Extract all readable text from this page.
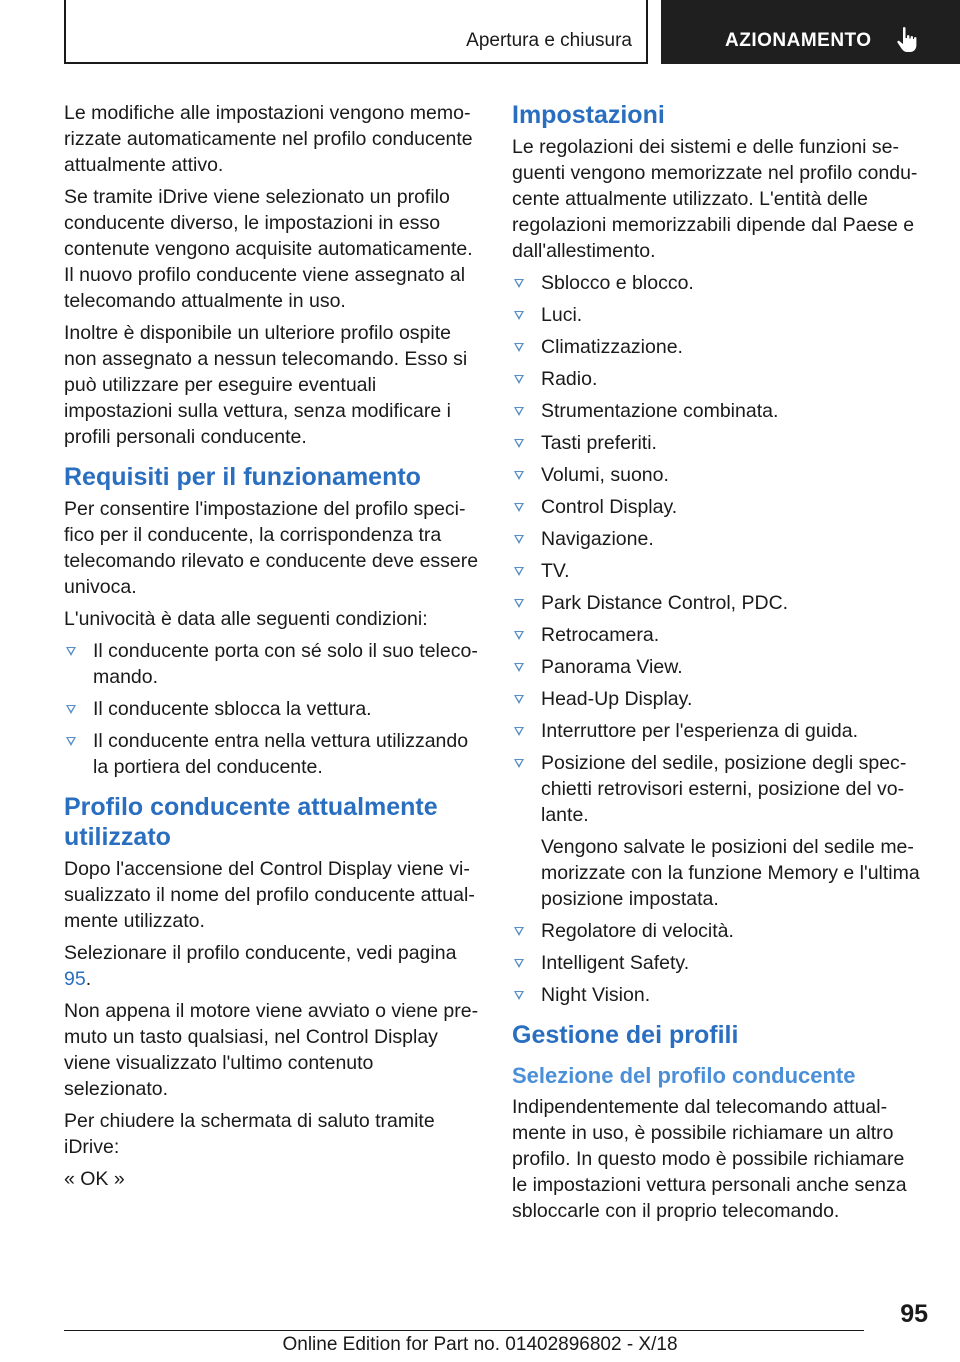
Apertura e chiusura	AZIONAMENTO

Le modifiche alle impostazioni vengono memorizzate automaticamente nel profilo conducente attualmente attivo.

Se tramite iDrive viene selezionato un profilo conducente diverso, le impostazioni in esso contenute vengono acquisite automaticamente. Il nuovo profilo conducente viene assegnato al telecomando attualmente in uso.

Inoltre è disponibile un ulteriore profilo ospite non assegnato a nessun telecomando. Esso si può utilizzare per eseguire eventuali impostazioni sulla vettura, senza modificare i profili personali conducente.

Requisiti per il funzionamento

Per consentire l'impostazione del profilo specifico per il conducente, la corrispondenza tra telecomando rilevato e conducente deve essere univoca.

L'univocità è data alle seguenti condizioni:

Il conducente porta con sé solo il suo telecomando.
Il conducente sblocca la vettura.
Il conducente entra nella vettura utilizzando la portiera del conducente.
Profilo conducente attualmente utilizzato

Dopo l'accensione del Control Display viene visualizzato il nome del profilo conducente attualmente utilizzato.

Selezionare il profilo conducente, vedi pagina 95.

Non appena il motore viene avviato o viene premuto un tasto qualsiasi, nel Control Display viene visualizzato l'ultimo contenuto selezionato.

Per chiudere la schermata di saluto tramite iDrive:

« OK »

Impostazioni

Le regolazioni dei sistemi e delle funzioni seguenti vengono memorizzate nel profilo conducente attualmente utilizzato. L'entità delle regolazioni memorizzabili dipende dal Paese e dall'allestimento.

Sblocco e blocco.
Luci.
Climatizzazione.
Radio.
Strumentazione combinata.
Tasti preferiti.
Volumi, suono.
Control Display.
Navigazione.
TV.
Park Distance Control, PDC.
Retrocamera.
Panorama View.
Head-Up Display.
Interruttore per l'esperienza di guida.
Posizione del sedile, posizione degli specchietti retrovisori esterni, posizione del volante.
Vengono salvate le posizioni del sedile memorizzate con la funzione Memory e l'ultima posizione impostata.
Regolatore di velocità.
Intelligent Safety.
Night Vision.
Gestione dei profili
Selezione del profilo conducente

Indipendentemente dal telecomando attualmente in uso, è possibile richiamare un altro profilo. In questo modo è possibile richiamare le impostazioni vettura personali anche senza sbloccarle con il proprio telecomando.

95
Online Edition for Part no. 01402896802 - X/18
